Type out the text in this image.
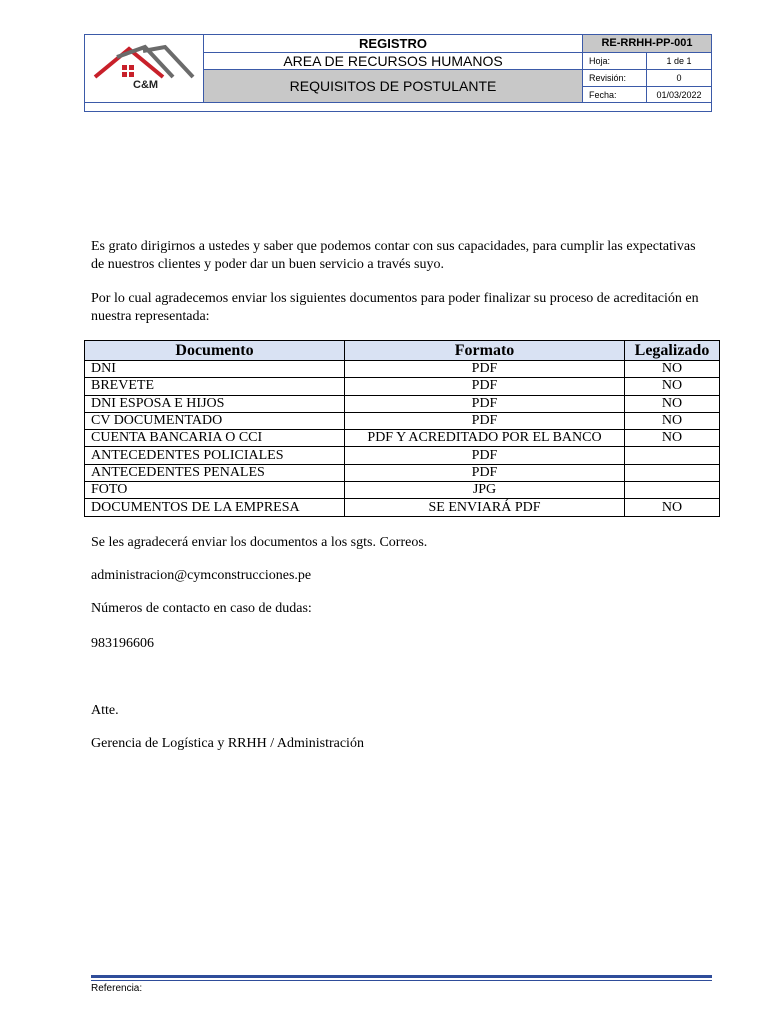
C&M
REGISTRO
AREA DE RECURSOS HUMANOS
REQUISITOS DE POSTULANTE
RE-RRHH-PP-001
Hoja:	1 de 1
Revisión:	0
Fecha:	01/03/2022
Es grato dirigirnos a ustedes y saber que podemos contar con sus capacidades, para cumplir las expectativas de nuestros clientes y poder dar un buen servicio a través suyo.
Por lo cual agradecemos enviar los siguientes documentos para poder finalizar su proceso de acreditación en nuestra representada:
Documento	Formato	Legalizado
DNI	PDF	NO
BREVETE	PDF	NO
DNI ESPOSA E HIJOS	PDF	NO
CV DOCUMENTADO	PDF	NO
CUENTA BANCARIA O CCI	PDF Y ACREDITADO POR EL BANCO	NO
ANTECEDENTES POLICIALES	PDF	
ANTECEDENTES PENALES	PDF	
FOTO	JPG	
DOCUMENTOS DE LA EMPRESA	SE ENVIARÁ PDF	NO
Se les agradecerá enviar los documentos a los sgts. Correos.
administracion@cymconstrucciones.pe
Números de contacto en caso de dudas:
983196606
Atte.
Gerencia de Logística y RRHH / Administración
Referencia:
